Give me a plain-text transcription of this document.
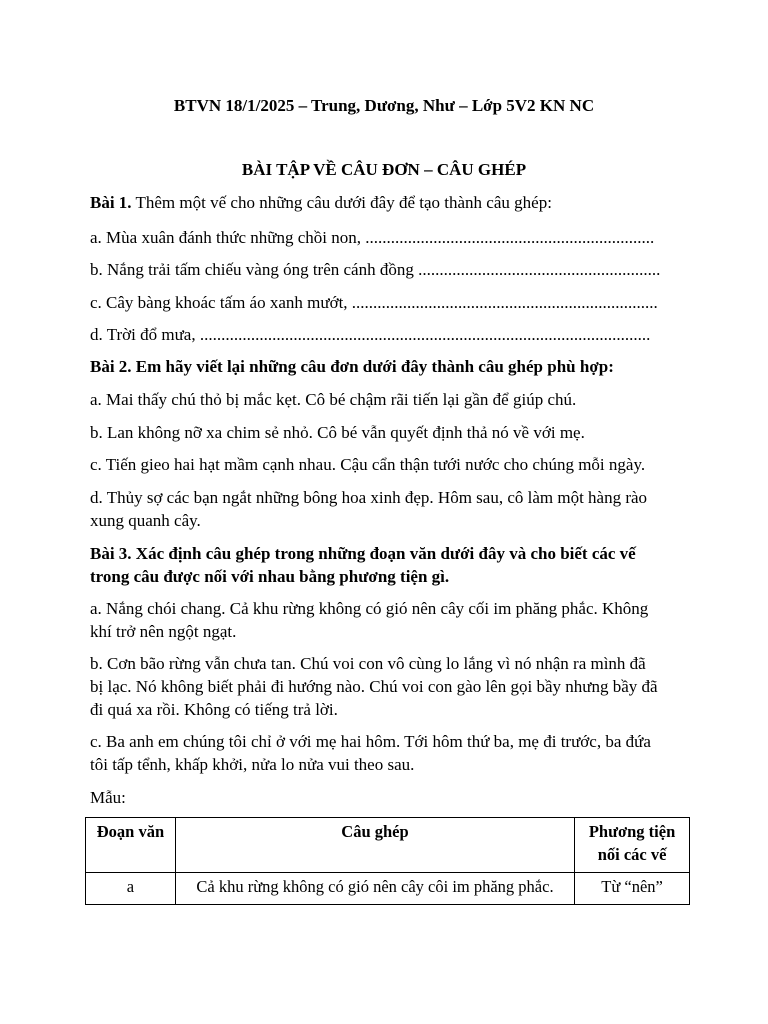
BTVN 18/1/2025 – Trung, Dương, Như – Lớp 5V2 KN NC
BÀI TẬP VỀ CÂU ĐƠN – CÂU GHÉP
Bài 1. Thêm một vế cho những câu dưới đây để tạo thành câu ghép:
a. Mùa xuân đánh thức những chồi non, ....................................................................
b. Nắng trải tấm chiếu vàng óng trên cánh đồng .........................................................
c. Cây bàng khoác tấm áo xanh mướt, ........................................................................
d. Trời đổ mưa, ..........................................................................................................
Bài 2. Em hãy viết lại những câu đơn dưới đây thành câu ghép phù hợp:
a. Mai thấy chú thỏ bị mắc kẹt. Cô bé chậm rãi tiến lại gần để giúp chú.
b. Lan không nỡ xa chim sẻ nhỏ. Cô bé vẫn quyết định thả nó về với mẹ.
c. Tiến gieo hai hạt mầm cạnh nhau. Cậu cẩn thận tưới nước cho chúng mỗi ngày.
d. Thủy sợ các bạn ngắt những bông hoa xinh đẹp. Hôm sau, cô làm một hàng rào
xung quanh cây.
Bài 3. Xác định câu ghép trong những đoạn văn dưới đây và cho biết các vế
trong câu được nối với nhau bằng phương tiện gì.
a. Nắng chói chang. Cả khu rừng không có gió nên cây cối im phăng phắc. Không
khí trở nên ngột ngạt.
b. Cơn bão rừng vẫn chưa tan. Chú voi con vô cùng lo lắng vì nó nhận ra mình đã
bị lạc. Nó không biết phải đi hướng nào. Chú voi con gào lên gọi bầy nhưng bầy đã
đi quá xa rồi. Không có tiếng trả lời.
c. Ba anh em chúng tôi chỉ ở với mẹ hai hôm. Tới hôm thứ ba, mẹ đi trước, ba đứa
tôi tấp tểnh, khấp khởi, nửa lo nửa vui theo sau.
Mẫu:
Đoạn văn	Câu ghép	Phương tiện
nối các vế

a	Cả khu rừng không có gió nên cây côi im phăng phắc.	Từ “nên”
